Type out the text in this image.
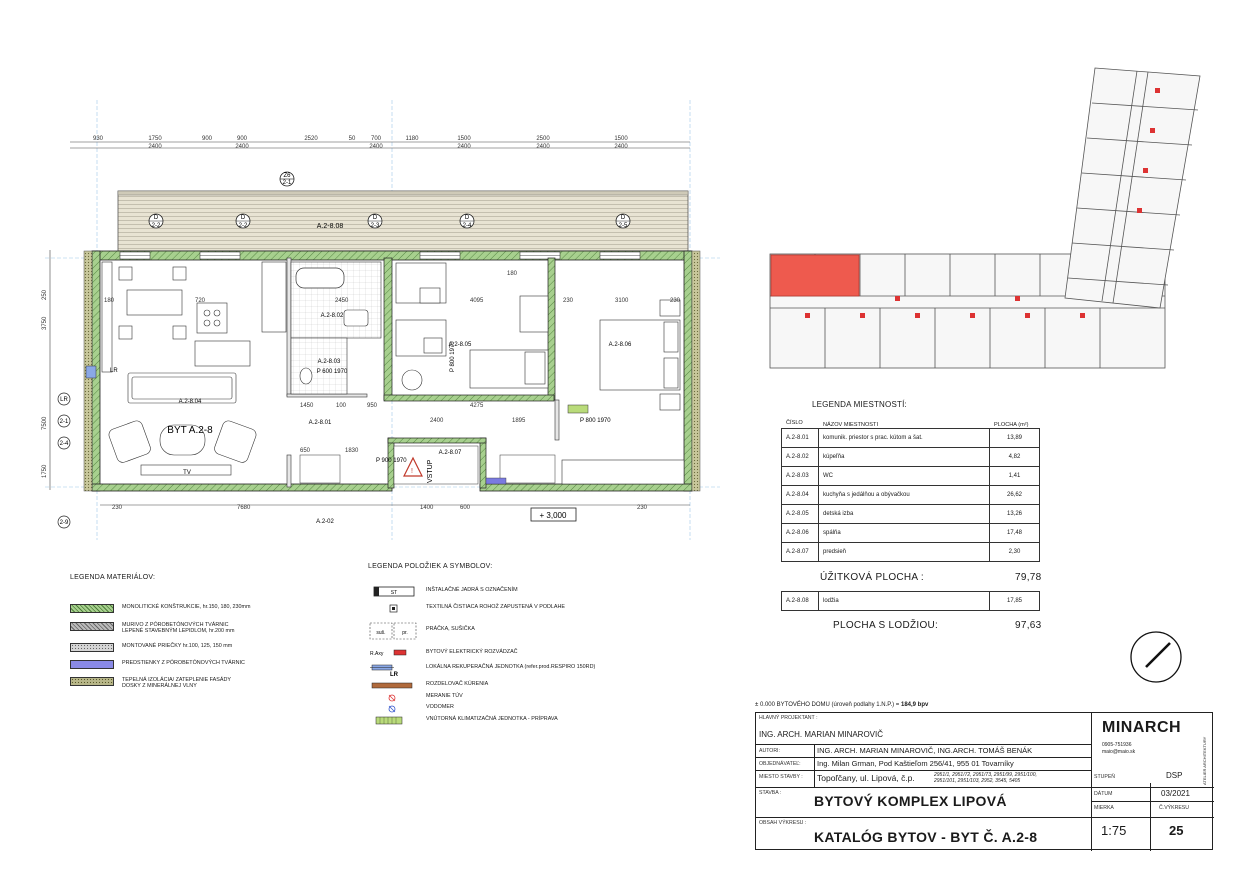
930	1750	900	900	2520	50	700	1180	1500	2500	1500
2400	2400	2400	2400	2400	2400
Z6
2-1
A.2-8.08
D
2-2
D
2-2
D
2-3
D
2-4
D
2-5
A.2-8.02
A.2-8.03
P 600 1970
TV
BYT A.2-8
A.2-8.04
A.2-8.05
P 800 1970	A.2-8.06
P 800 1970
A.2-8.01
A.2-8.07
! VSTUP
P 900 1970
LR
LR
2-1
2-4
2-9
250
3750
7500
1750
720
180	2450	4095	3100	230
1450	100	950	4275
2400	1895
650	1830
1400	600
7680
230	230
180
230
A.2-02
+ 3,000
LEGENDA MATERIÁLOV:
MONOLITICKÉ KONŠTRUKCIE, hr.150, 180, 230mm
MURIVO Z PÓROBETÓNOVÝCH TVÁRNIC
LEPENÉ STAVEBNÝM LEPIDLOM, hr.200 mm
MONTOVANÉ PRIEČKY hr.100, 125, 150 mm
PREDSTIENKY Z PÓROBETÓNOVÝCH TVÁRNIC
TEPELNÁ IZOLÁCIA/ ZATEPLENIE FASÁDY
DOSKY Z MINERÁLNEJ VLNY
LEGENDA POLOŽIEK A SYMBOLOV:
ST	INŠTALAČNÉ JADRÁ S OZNAČENÍM
TEXTILNÁ ČISTIACA ROHOŽ ZAPUSTENÁ V PODLAHE
suš.	pr.
PRÁČKA, SUŠIČKA
R.Axy	BYTOVÝ ELEKTRICKÝ ROZVÁDZAČ
LR
LOKÁLNA REKUPERAČNÁ JEDNOTKA (refer.prod.RESPIRO 150RD)
ROZDELOVAČ KÚRENIA
MERANIE TÚV
VODOMER
VNÚTORNÁ KLIMATIZAČNÁ JEDNOTKA - PRÍPRAVA
LEGENDA MIESTNOSTÍ:
ČÍSLO	NÁZOV MIESTNOSTI	PLOCHA (m²)
A.2-8.01	komunik. priestor s prac. kútom a šat.	13,89
A.2-8.02	kúpeľňa	4,82
A.2-8.03	WC	1,41
A.2-8.04	kuchyňa s jedálňou a obývačkou	26,62
A.2-8.05	detská izba	13,26
A.2-8.06	spálňa	17,48
A.2-8.07	predsieň	2,30
ÚŽITKOVÁ PLOCHA :	79,78
A.2-8.08	lodžia	17,85
PLOCHA S LODŽIOU:	97,63
± 0.000 BYTOVÉHO DOMU (úroveň podlahy 1.N.P.) = 184,9 bpv
HLAVNÝ PROJEKTANT :
ING. ARCH. MARIAN MINAROVIČ
AUTORI:	ING. ARCH. MARIAN MINAROVIČ, ING.ARCH. TOMÁŠ BENÁK
OBJEDNÁVATEĽ: Ing. Milan Grman, Pod Kaštieľom 256/41, 955 01 Tovarníky
MIESTO STAVBY : Topoľčany, ul. Lipová, č.p.	2951/1, 2951/72, 2951/73, 2951/99, 2951/100,
2951/101, 2951/103, 2952, 3545, 5405
STAVBA : BYTOVÝ KOMPLEX LIPOVÁ
OBSAH VÝKRESU :
KATALÓG BYTOV - BYT Č. A.2-8
MINARCH
ATELIER ARCHITEKTURY
0905-751936
maio@maio.sk
STUPEŇ	DSP
DÁTUM	03/2021
MIERKA	Č.VÝKRESU
1:75	25
